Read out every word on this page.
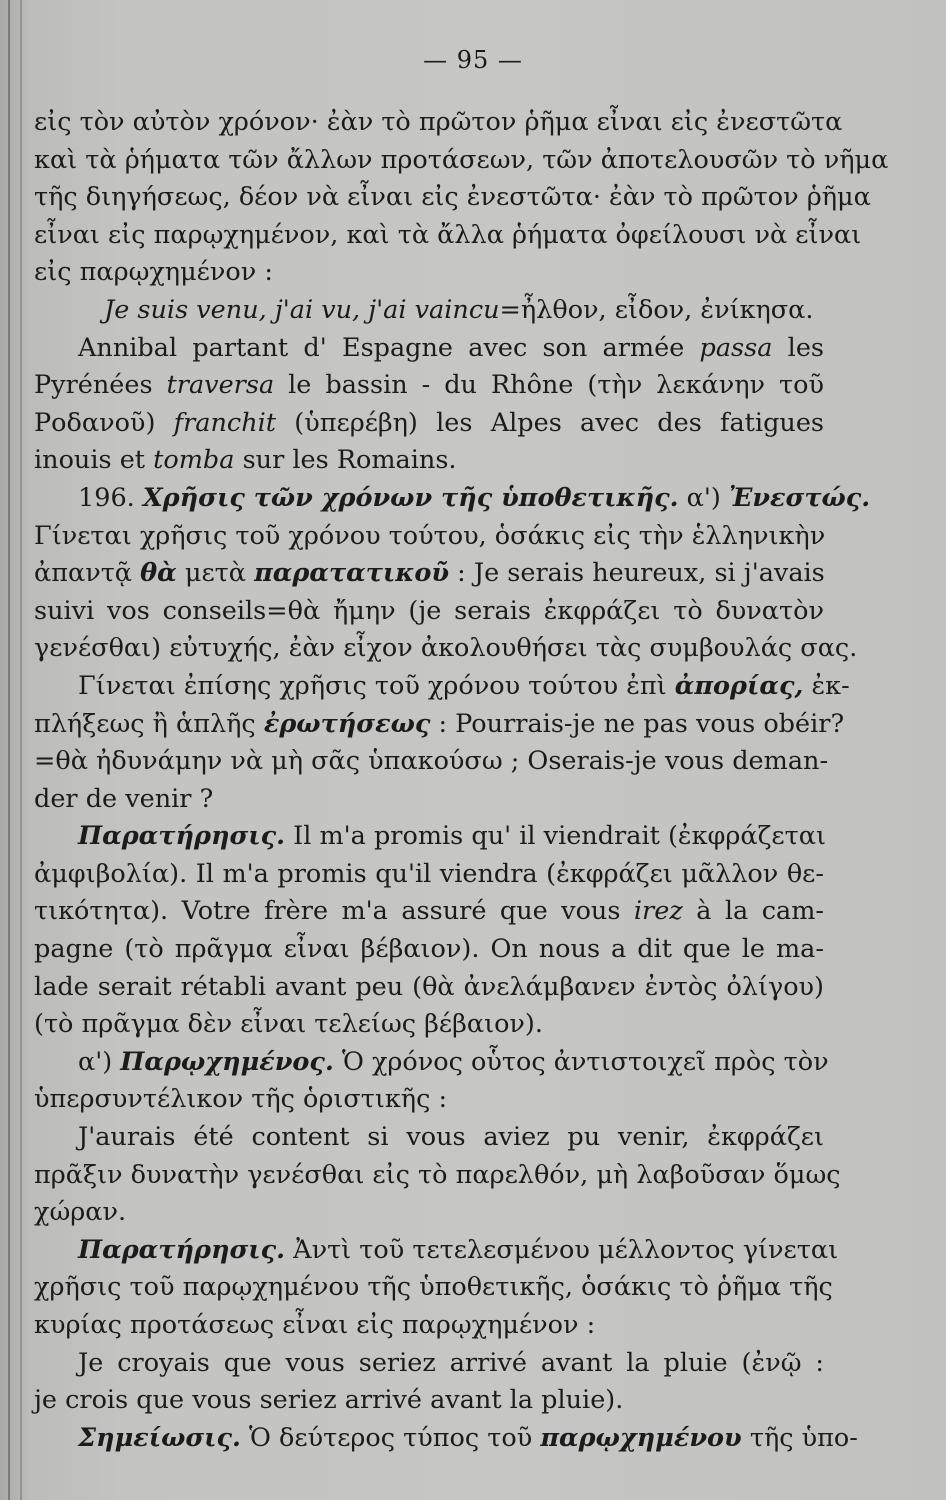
— 95 —
εἰς τὸν αὐτὸν χρόνον· ἐὰν τὸ πρῶτον ῥῆμα εἶναι εἰς ἐνεστῶτα
καὶ τὰ ῥήματα τῶν ἄλλων προτάσεων, τῶν ἀποτελουσῶν τὸ νῆμα
τῆς διηγήσεως, δέον νὰ εἶναι εἰς ἐνεστῶτα· ἐὰν τὸ πρῶτον ῥῆμα
εἶναι εἰς παρῳχημένον, καὶ τὰ ἄλλα ῥήματα ὀφείλουσι νὰ εἶναι
εἰς παρῳχημένον :
Je suis venu, j'ai vu, j'ai vaincu=ἦλθον, εἶδον, ἐνίκησα.
Annibal partant d' Espagne avec son armée passa les
Pyrénées traversa le bassin - du Rhône (τὴν λεκάνην τοῦ
Ροδανοῦ) franchit (ὑπερέβη) les Alpes avec des fatigues
inouis et tomba sur les Romains.
196. Χρῆσις τῶν χρόνων τῆς ὑποθετικῆς. α') Ἐνεστώς.
Γίνεται χρῆσις τοῦ χρόνου τούτου, ὁσάκις εἰς τὴν ἑλληνικὴν
ἀπαντᾷ θὰ μετὰ παρατατικοῦ : Je serais heureux, si j'avais
suivi vos conseils=θὰ ἤμην (je serais ἐκφράζει τὸ δυνατὸν
γενέσθαι) εὐτυχής, ἐὰν εἶχον ἀκολουθήσει τὰς συμβουλάς σας.
Γίνεται ἐπίσης χρῆσις τοῦ χρόνου τούτου ἐπὶ ἀπορίας, ἐκ-
πλήξεως ἢ ἁπλῆς ἐρωτήσεως : Pourrais-je ne pas vous obéir?
=θὰ ἠδυνάμην νὰ μὴ σᾶς ὑπακούσω ; Oserais-je vous deman-
der de venir ?
Παρατήρησις. Il m'a promis qu' il viendrait (ἐκφράζεται
ἀμφιβολία). Il m'a promis qu'il viendra (ἐκφράζει μᾶλλον θε-
τικότητα). Votre frère m'a assuré que vous irez à la cam-
pagne (τὸ πρᾶγμα εἶναι βέβαιον). On nous a dit que le ma-
lade serait rétabli avant peu (θὰ ἀνελάμβανεν ἐντὸς ὀλίγου)
(τὸ πρᾶγμα δὲν εἶναι τελείως βέβαιον).
α') Παρῳχημένος. Ὁ χρόνος οὗτος ἀντιστοιχεῖ πρὸς τὸν
ὑπερσυντέλικον τῆς ὁριστικῆς :
J'aurais été content si vous aviez pu venir, ἐκφράζει
πρᾶξιν δυνατὴν γενέσθαι εἰς τὸ παρελθόν, μὴ λαβοῦσαν ὅμως
χώραν.
Παρατήρησις. Ἀντὶ τοῦ τετελεσμένου μέλλοντος γίνεται
χρῆσις τοῦ παρῳχημένου τῆς ὑποθετικῆς, ὁσάκις τὸ ῥῆμα τῆς
κυρίας προτάσεως εἶναι εἰς παρῳχημένον :
Je croyais que vous seriez arrivé avant la pluie (ἐνῷ :
je crois que vous seriez arrivé avant la pluie).
Σημείωσις. Ὁ δεύτερος τύπος τοῦ παρῳχημένου τῆς ὑπο-
